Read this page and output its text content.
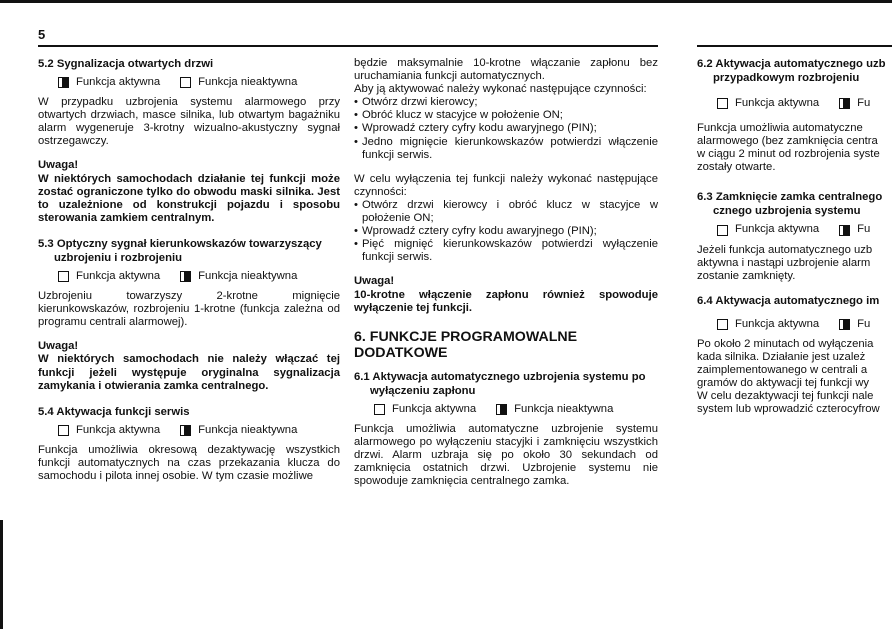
5
5.2 Sygnalizacja otwartych drzwi
Funkcja aktywna	Funkcja nieaktywna

W przypadku uzbrojenia systemu alarmowego przy otwartych drzwiach, masce silnika, lub otwartym bagażniku alarm wygeneruje 3-krotny wizualno-akustyczny sygnał ostrzegawczy.

Uwaga!

W niektórych samochodach działanie tej funkcji może zostać ograniczone tylko do obwodu maski silnika. Jest to uzależnione od konstrukcji pojazdu i sposobu sterowania zamkiem centralnym.

5.3 Optyczny sygnał kierunkowskazów towarzyszący
uzbrojeniu i rozbrojeniu
Funkcja aktywna	Funkcja nieaktywna

Uzbrojeniu towarzyszy 2-krotne mignięcie kierunkowskazów, rozbrojeniu 1-krotne (funkcja zależna od programu centrali alarmowej).

Uwaga!

W niektórych samochodach nie należy włączać tej funkcji jeżeli występuje oryginalna sygnalizacja zamykania i otwierania zamka centralnego.

5.4 Aktywacja funkcji serwis
Funkcja aktywna	Funkcja nieaktywna

Funkcja umożliwia okresową dezaktywację wszystkich funkcji automatycznych na czas przekazania klucza do samochodu i pilota innej osobie. W tym czasie możliwe

będzie maksymalnie 10-krotne włączanie zapłonu bez uruchamiania funkcji automatycznych.

Aby ją aktywować należy wykonać następujące czynności:

• Otwórz drzwi kierowcy;
• Obróć klucz w stacyjce w położenie ON;
• Wprowadź cztery cyfry kodu awaryjnego (PIN);
• Jedno mignięcie kierunkowskazów potwierdzi włączenie funkcji serwis.

W celu wyłączenia tej funkcji należy wykonać następujące czynności:

• Otwórz drzwi kierowcy i obróć klucz w stacyjce w położenie ON;
• Wprowadź cztery cyfry kodu awaryjnego (PIN);
• Pięć mignięć kierunkowskazów potwierdzi wyłączenie funkcji serwis.
Uwaga!

10-krotne włączenie zapłonu również spowoduje wyłączenie tej funkcji.

6. FUNKCJE PROGRAMOWALNE DODATKOWE
6.1 Aktywacja automatycznego uzbrojenia systemu po
wyłączeniu zapłonu
Funkcja aktywna	Funkcja nieaktywna

Funkcja umożliwia automatyczne uzbrojenie systemu alarmowego po wyłączeniu stacyjki i zamknięciu wszystkich drzwi. Alarm uzbraja się po około 30 sekundach od zamknięcia ostatnich drzwi. Uzbrojenie systemu nie spowoduje zamknięcia centralnego zamka.

6.2 Aktywacja automatycznego uzb
przypadkowym rozbrojeniu
Funkcja aktywna	Fu

Funkcja umożliwia automatyczne
alarmowego (bez zamknięcia centra
w ciągu 2 minut od rozbrojenia syste
zostały otwarte.

6.3 Zamknięcie zamka centralnego
cznego uzbrojenia systemu
Funkcja aktywna	Fu

Jeżeli funkcja automatycznego uzb
aktywna i nastąpi uzbrojenie alarm
zostanie zamknięty.

6.4 Aktywacja automatycznego im
Funkcja aktywna	Fu

Po około 2 minutach od wyłączenia
kada silnika. Działanie jest uzależ
zaimplementowanego w centrali a
gramów do aktywacji tej funkcji wy
W celu dezaktywacji tej funkcji nale
system lub wprowadzić czterocyfrow
